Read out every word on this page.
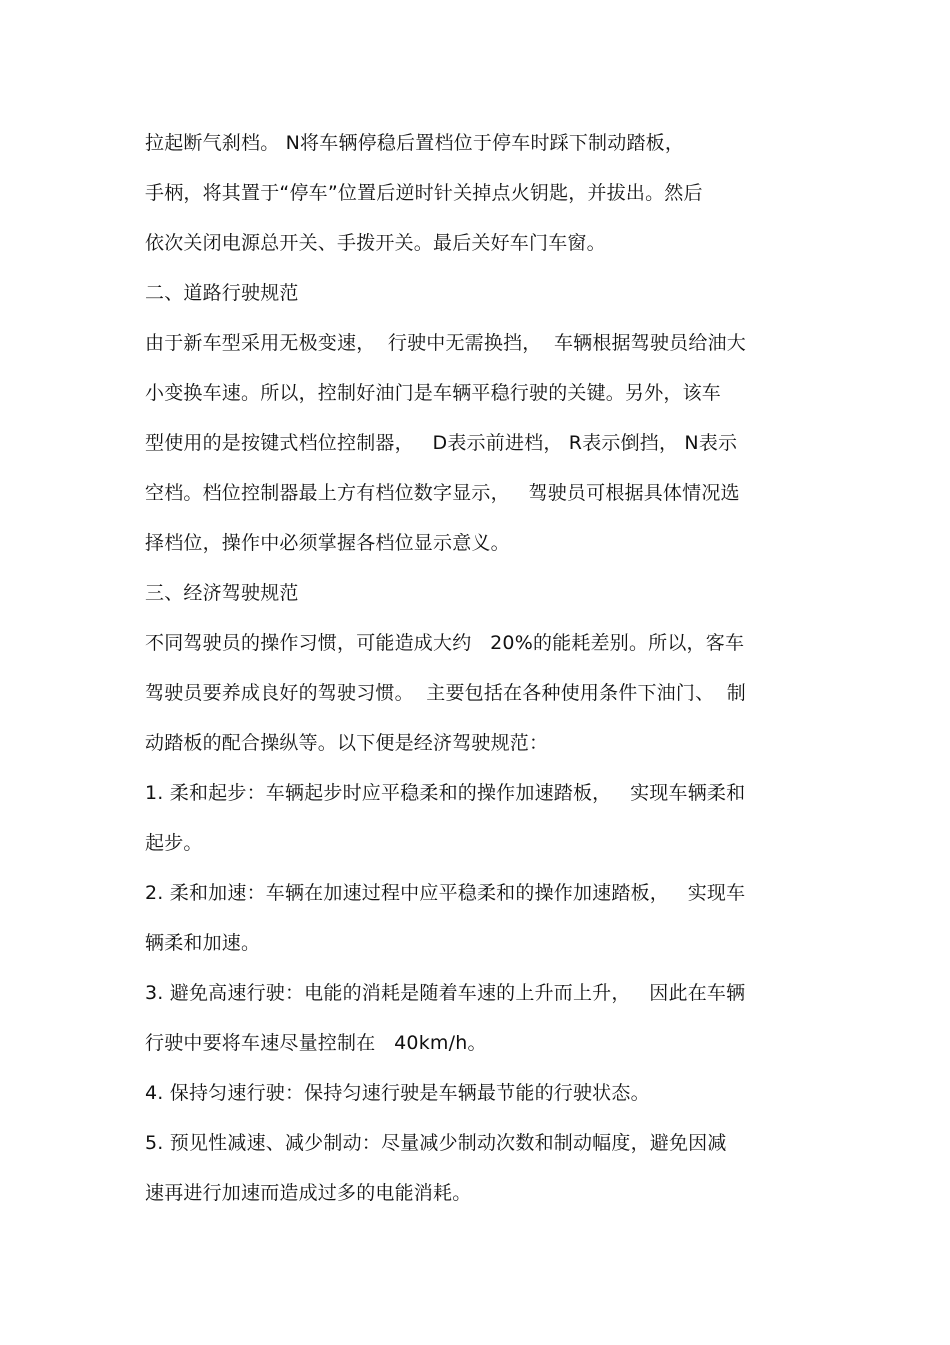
拉起断气刹档。 N将车辆停稳后置档位于停车时踩下制动踏板，
手柄，将其置于“停车”位置后逆时针关掉点火钥匙，并拔出。然后
依次关闭电源总开关、手拨开关。最后关好车门车窗。
二、道路行驶规范
由于新车型采用无极变速，  行驶中无需换挡，  车辆根据驾驶员给油大
小变换车速。所以，控制好油门是车辆平稳行驶的关键。另外，该车
型使用的是按键式档位控制器，   D表示前进档， R表示倒挡， N表示
空档。档位控制器最上方有档位数字显示，   驾驶员可根据具体情况选
择档位，操作中必须掌握各档位显示意义。
三、经济驾驶规范
不同驾驶员的操作习惯，可能造成大约   20%的能耗差别。所以，客车
驾驶员要养成良好的驾驶习惯。  主要包括在各种使用条件下油门、  制
动踏板的配合操纵等。以下便是经济驾驶规范：
1. 柔和起步：车辆起步时应平稳柔和的操作加速踏板，   实现车辆柔和
起步。
2. 柔和加速：车辆在加速过程中应平稳柔和的操作加速踏板，   实现车
辆柔和加速。
3. 避免高速行驶：电能的消耗是随着车速的上升而上升，   因此在车辆
行驶中要将车速尽量控制在   40km/h。
4. 保持匀速行驶：保持匀速行驶是车辆最节能的行驶状态。
5. 预见性减速、减少制动：尽量减少制动次数和制动幅度，避免因减
速再进行加速而造成过多的电能消耗。
